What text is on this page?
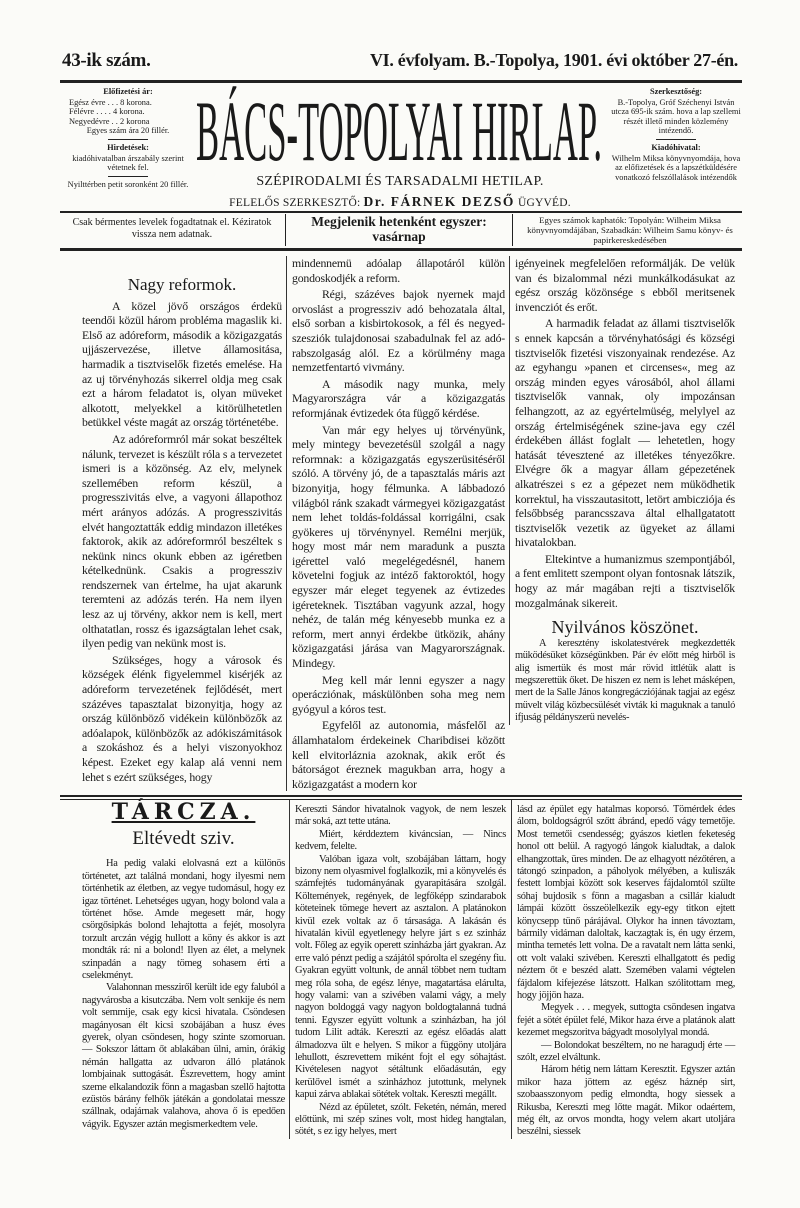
43-ik szám.	VI. évfolyam. B.-Topolya, 1901. évi október 27-én.
Előfizetési ár:
Egész évre . . . 8 korona.
Félévre . . . . 4 korona.
Negyedévre . . 2 korona
Egyes szám ára 20 fillér.
Hirdetések:
kiadóhivatalban árszabály szerint vétetnek fel.
Nyilttérben petit soronként 20 fillér.
BÁCS-TOPOLYAI HIRLAP.
SZÉPIRODALMI ÉS TARSADALMI HETILAP.
FELELŐS SZERKESZTŐ: Dr. FÁRNEK DEZSŐ ÜGYVÉD.
Szerkesztőség:
B.-Topolya, Gróf Széchenyi István utcza 695-ik szám. hova a lap szellemi részét illető minden közlemény intézendő.
Kiadóhivatal:
Wilhelm Miksa könyvnyomdája, hova az előfizetések és a lapszétküldésére vonatkozó felszóllalások intézendők
Csak bérmentes levelek fogadtatnak el. Kéziratok vissza nem adatnak.
Megjelenik hetenként egyszer:
vasárnap
Egyes számok kaphatók: Topolyán: Wilheim Miksa könyvnyomdájában, Szabadkán: Wilheim Samu könyv- és papirkereskedésében
Nagy reformok.

A közel jövő országos érdekü teendői közül három probléma magaslik ki. Első az adóreform, második a közigazgatás ujjászervezése, illetve államositása, harmadik a tisztviselők fizetés emelése. Ha az uj törvényhozás sikerrel oldja meg csak ezt a három feladatot is, olyan müveket alkotott, melyekkel a kitörülhetetlen betükkel véste magát az ország történetébe.

Az adóreformról már sokat beszéltek nálunk, tervezet is készült róla s a tervezetet ismeri is a közönség. Az elv, melynek szellemében reform készül, a progresszivitás elve, a vagyoni állapothoz mért arányos adózás. A progresszivitás elvét hangoztatták eddig mindazon illetékes faktorok, akik az adóreformról beszéltek s nekünk nincs okunk ebben az igéretben kételkednünk. Csakis a progressziv rendszernek van értelme, ha ujat akarunk teremteni az adózás terén. Ha nem ilyen lesz az uj törvény, akkor nem is kell, mert olthatatlan, rossz és igazságtalan lehet csak, ilyen pedig van nekünk most is.

Szükséges, hogy a városok és községek élénk figyelemmel kisérjék az adóreform tervezetének fejlődését, mert százéves tapasztalat bizonyitja, hogy az ország különböző vidékein különbözők az adóalapok, különbözők az adókiszámitások a szokáshoz és a helyi viszonyokhoz képest. Ezeket egy kalap alá venni nem lehet s ezért szükséges, hogy

mindennemü adóalap állapotáról külön gondoskodjék a reform.

Régi, százéves bajok nyernek majd orvoslást a progressziv adó behozatala által, első sorban a kisbirtokosok, a fél és negyed-szesziók tulajdonosai szabadulnak fel az adó-rabszolgaság alól. Ez a körülmény maga nemzetfentartó vivmány.

A második nagy munka, mely Magyarországra vár a közigazgatás reformjának évtizedek óta függő kérdése.

Van már egy helyes uj törvényünk, mely mintegy bevezetésül szolgál a nagy reformnak: a közigazgatás egyszerüsitéséről szóló. A törvény jó, de a tapasztalás máris azt bizonyitja, hogy félmunka. A lábbadozó világból ránk szakadt vármegyei közigazgatást nem lehet toldás-foldással korrigálni, csak gyökeres uj törvénynyel. Remélni merjük, hogy most már nem maradunk a puszta igérettel való megelégedésnél, hanem követelni fogjuk az intéző faktoroktól, hogy egyszer már eleget tegyenek az évtizedes igéreteknek. Tisztában vagyunk azzal, hogy nehéz, de talán még kényesebb munka ez a reform, mert annyi érdekbe ütközik, ahány közigazgatási járása van Magyarországnak. Mindegy.

Meg kell már lenni egyszer a nagy operácziónak, máskülönben soha meg nem gyógyul a kóros test.

Egyfelől az autonomia, másfelől az államhatalom érdekeinek Charibdisei között kell elvitorláznia azoknak, akik erőt és bátorságot éreznek magukban arra, hogy a közigazgatást a modern kor

igényeinek megfelelően reformálják. De velük van és bizalommal nézi munkálkodásukat az egész ország közönsége s ebből meritsenek invencziót és erőt.

A harmadik feladat az állami tisztviselők s ennek kapcsán a törvényhatósági és községi tisztviselők fizetési viszonyainak rendezése. Az az egyhangu »panen et circenses«, meg az ország minden egyes városából, ahol állami tisztviselők vannak, oly impozánsan felhangzott, az az egyértelmüség, melylyel az ország értelmiségének szine-java egy czél érdekében állást foglalt — lehetetlen, hogy hatását tévesztené az illetékes tényezőkre. Elvégre ők a magyar állam gépezetének alkatrészei s ez a gépezet nem müködhetik korrektul, ha visszautasitott, letört ambicziója és felsőbbség parancsszava által elhallgatatott tisztviselők vezetik az ügyeket az állami hivatalokban.

Eltekintve a humanizmus szempontjából, a fent emlitett szempont olyan fontosnak látszik, hogy az már magában rejti a tisztviselők mozgalmának sikereit.

Nyilvános köszönet.

A keresztény iskolatestvérek megkezdették müködésüket községünkben. Pár év előtt még hirből is alig ismertük és most már rövid ittlétük alatt is megszerettük őket. De hiszen ez nem is lehet másképen, mert de la Salle János kongregácziójának tagjai az egész müvelt világ közbecsülését vivták ki maguknak a tanuló ifjuság példányszerü nevelés-

TÁRCZA.
Eltévedt sziv.

Ha pedig valaki elolvasná ezt a különös történetet, azt találná mondani, hogy ilyesmi nem történhetik az életben, az vegye tudomásul, hogy ez igaz történet. Lehetséges ugyan, hogy bolond vala a történet hőse. Amde megesett már, hogy csörgősipkás bolond lehajtotta a fejét, mosolyra torzult arczán végig hullott a köny és akkor is azt mondták rá: ni a bolond! Ilyen az élet, a melynek szinpadán a nagy tömeg sohasem érti a cselekményt.

Valahonnan messziről került ide egy faluból a nagyvárosba a kisutczába. Nem volt senkije és nem volt semmije, csak egy kicsi hivatala. Csöndesen magányosan élt kicsi szobájában a husz éves gyerek, olyan csöndesen, hogy szinte szomoruan. — Sokszor láttam őt ablakában ülni, amin, órákig némán hallgatta az udvaron álló platánok lombjainak suttogását. Észrevettem, hogy amint szeme elkalandozik fönn a magasban szellő hajtotta ezüstös bárány felhők játékán a gondolatai messze szállnak, odajárnak valahova, ahova ő is epedően vágyik. Egyszer aztán megismerkedtem vele.

Kereszti Sándor hivatalnok vagyok, de nem leszek már soká, azt tette utána.

Miért, kérddeztem kiváncsian, — Nincs kedvem, felelte.

Valóban igaza volt, szobájában láttam, hogy bizony nem olyasmivel foglalkozik, mi a könyvelés és számfejtés tudományának gyarapitására szolgál. Költemények, regények, de legfőképp szindarabok köteteinek tömege hevert az asztalon. A platánokon kivül ezek voltak az ő társasága. A lakásán és hivatalán kivül egyetlenegy helyre járt s ez szinház volt. Főleg az egyik operett szinházba járt gyakran. Az erre való pénzt pedig a szájától spórolta el szegény fiu. Gyakran együtt voltunk, de annál többet nem tudtam meg róla soha, de egész lénye, magatartása elárulta, hogy valami: van a szivében valami vágy, a mely nagyon boldoggá vagy nagyon boldogtalanná tudná tenni. Egyszer együtt voltunk a szinházban, ha jól tudom Lilit adták. Kereszti az egész előadás alatt álmadozva ült e helyen. S mikor a függöny utoljára lehullott, észrevettem miként fojt el egy sóhajtást. Kivételesen nagyot sétáltunk előadásután, egy kerülővel ismét a szinházhoz jutottunk, melynek kapui zárva ablakai sötétek voltak. Kereszti megállt.

Nézd az épületet, szólt. Feketén, némán, mered előttünk, mi szép szines volt, most hideg hangtalan, sötét, s ez igy helyes, mert

lásd az épület egy hatalmas koporsó. Tömérdek édes álom, boldogságról szőtt ábránd, epedő vágy temetője. Most temetői csendesség; gyászos kietlen feketeség honol ott belül. A ragyogó lángok kialudtak, a dalok elhangzottak, üres minden. De az elhagyott nézőtéren, a tátongó szinpadon, a páholyok mélyében, a kuliszák festett lombjai között sok keserves fájdalomtól szülte sóhaj bujdosik s fönn a magasban a csillár kialudt lámpái között összeölelkezik egy-egy titkon ejtett könycsepp tünő párájával. Olykor ha innen távoztam, bármily vidáman daloltak, kaczagtak is, én ugy érzem, mintha temetés lett volna. De a ravatalt nem látta senki, ott volt valaki szivében. Kereszti elhallgatott és pedig néztem őt e beszéd alatt. Szemében valami végtelen fájdalom kifejezése látszott. Halkan szólitottam meg, hogy jöjjön haza.

Megyek . . . megyek, suttogta csöndesen ingatva fejét a sötét épület felé, Mikor haza érve a platánok alatt kezemet megszoritva bágyadt mosolylyal mondá.

— Bolondokat beszéltem, no ne haragudj érte — szólt, ezzel elváltunk.

Három hétig nem láttam Keresztit. Egyszer aztán mikor haza jöttem az egész háznép sirt, szobaasszonyom pedig elmondta, hogy siessek a Rikusba, Kereszti meg lőtte magát. Mikor odaértem, még élt, az orvos mondta, hogy velem akart utoljára beszélni, siessek
